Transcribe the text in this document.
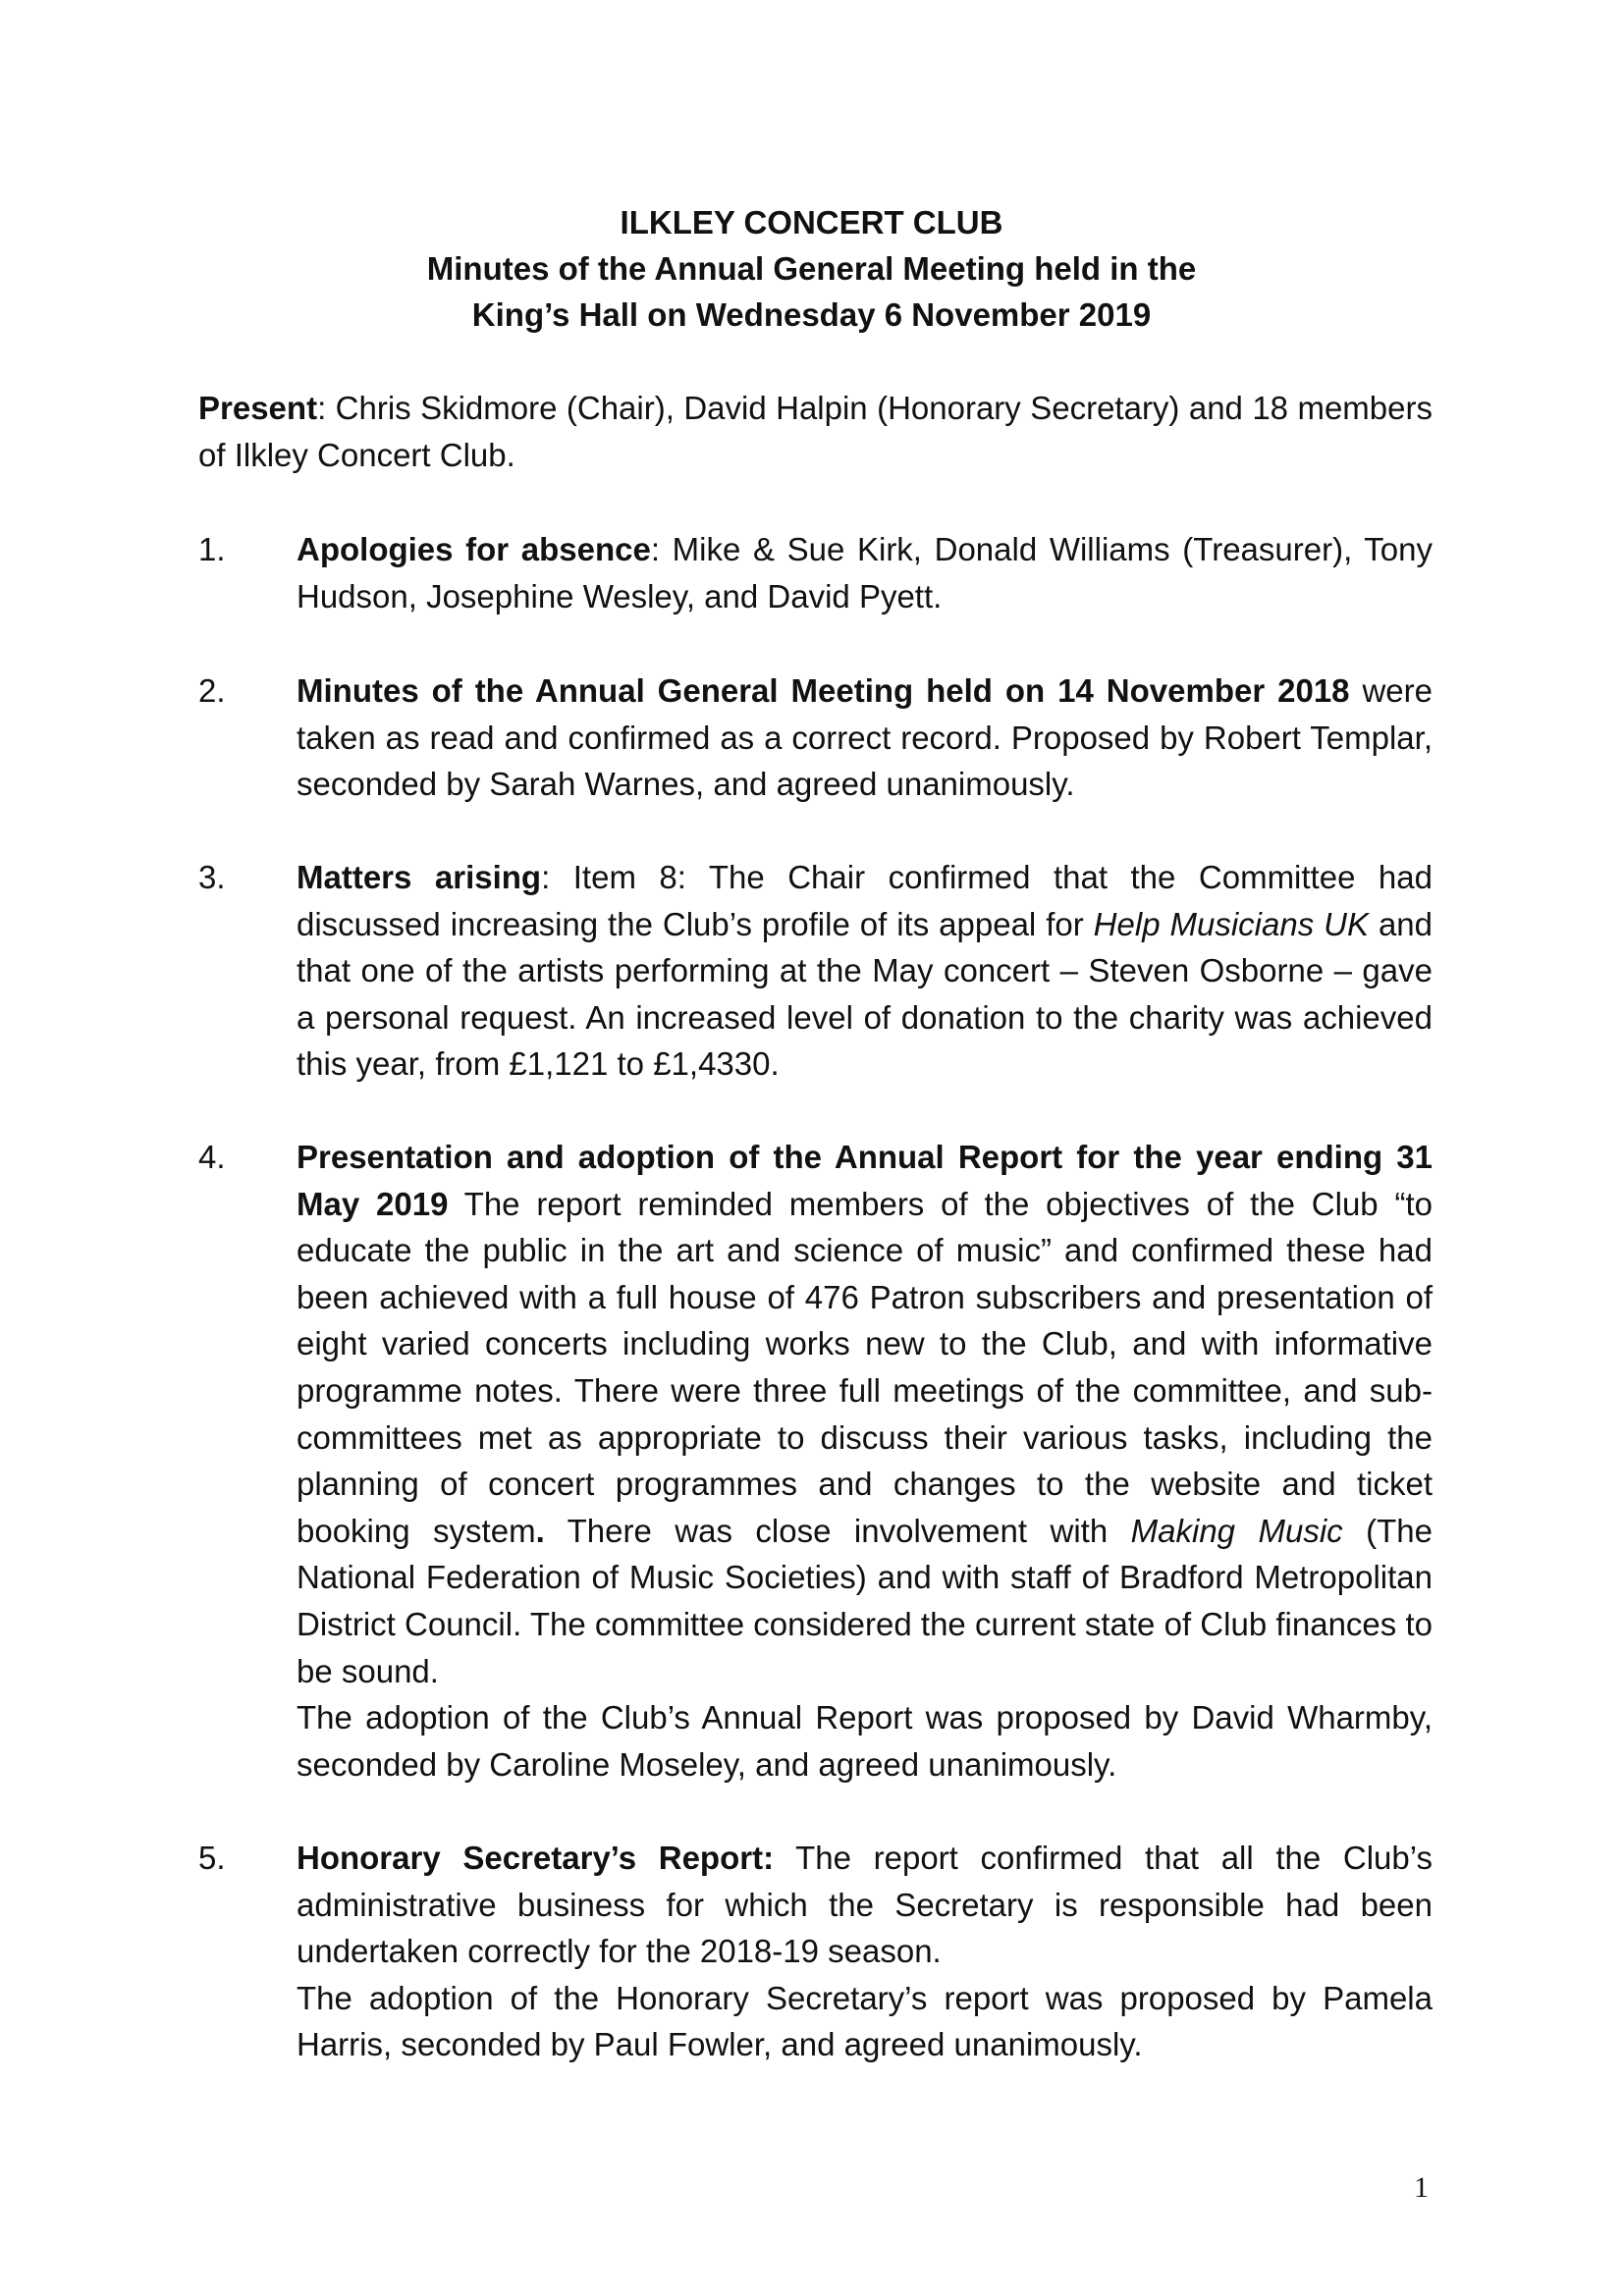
ILKLEY CONCERT CLUB
Minutes of the Annual General Meeting held in the
King’s Hall on Wednesday 6 November 2019
Present: Chris Skidmore (Chair), David Halpin (Honorary Secretary) and 18 members of Ilkley Concert Club.
1. Apologies for absence: Mike & Sue Kirk, Donald Williams (Treasurer), Tony Hudson, Josephine Wesley, and David Pyett.
2. Minutes of the Annual General Meeting held on 14 November 2018 were taken as read and confirmed as a correct record. Proposed by Robert Templar, seconded by Sarah Warnes, and agreed unanimously.
3. Matters arising: Item 8: The Chair confirmed that the Committee had discussed increasing the Club’s profile of its appeal for Help Musicians UK and that one of the artists performing at the May concert – Steven Osborne – gave a personal request. An increased level of donation to the charity was achieved this year, from £1,121 to £1,4330.
4. Presentation and adoption of the Annual Report for the year ending 31 May 2019 The report reminded members of the objectives of the Club “to educate the public in the art and science of music” and confirmed these had been achieved with a full house of 476 Patron subscribers and presentation of eight varied concerts including works new to the Club, and with informative programme notes. There were three full meetings of the committee, and sub-committees met as appropriate to discuss their various tasks, including the planning of concert programmes and changes to the website and ticket booking system. There was close involvement with Making Music (The National Federation of Music Societies) and with staff of Bradford Metropolitan District Council. The committee considered the current state of Club finances to be sound.

The adoption of the Club’s Annual Report was proposed by David Wharmby, seconded by Caroline Moseley, and agreed unanimously.

5. Honorary Secretary’s Report: The report confirmed that all the Club’s administrative business for which the Secretary is responsible had been undertaken correctly for the 2018-19 season.

The adoption of the Honorary Secretary’s report was proposed by Pamela Harris, seconded by Paul Fowler, and agreed unanimously.

1
